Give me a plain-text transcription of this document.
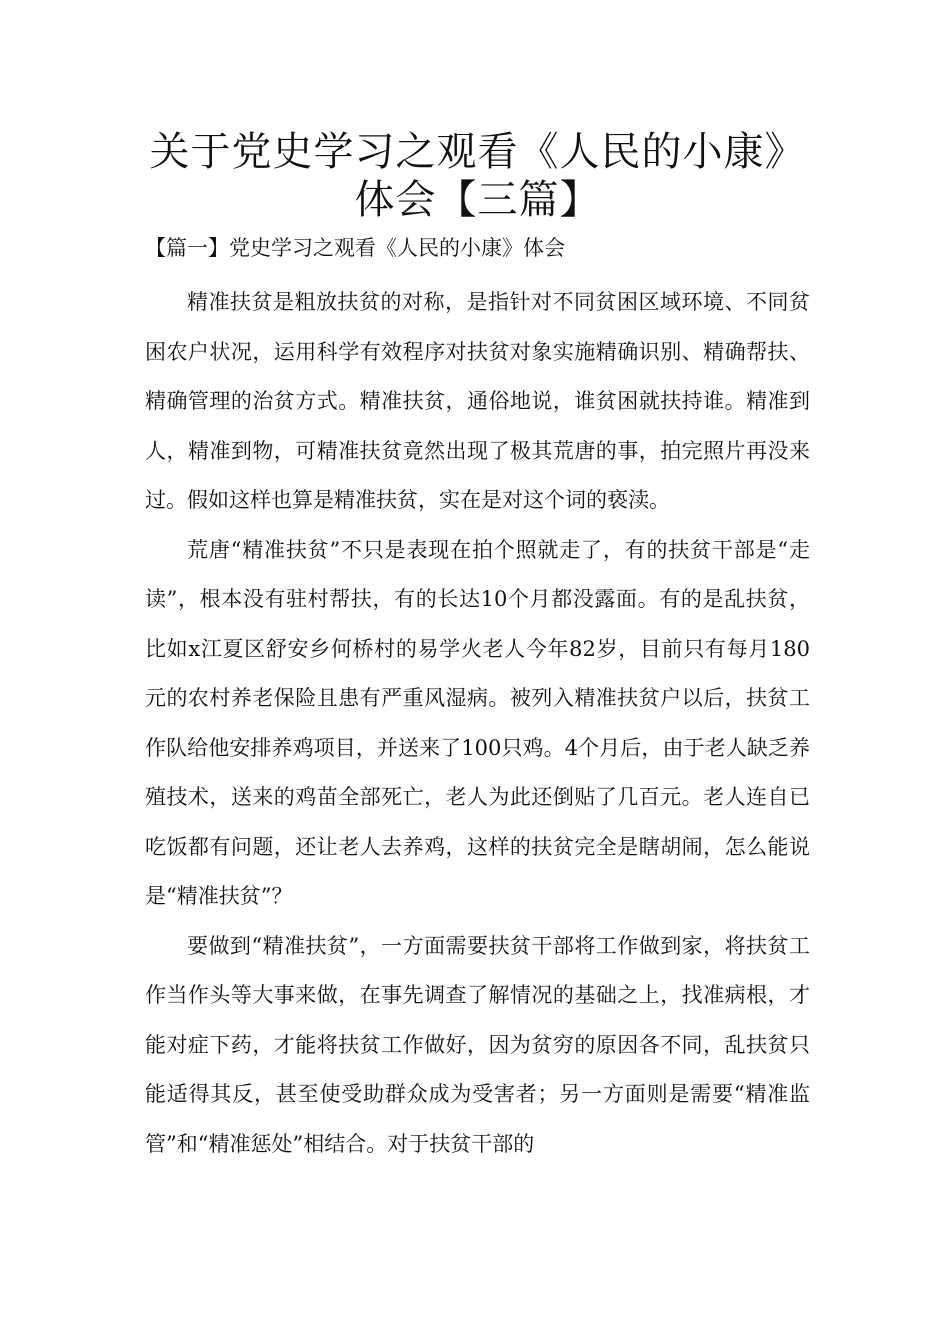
关于党史学习之观看《人民的小康》体会【三篇】
【篇一】党史学习之观看《人民的小康》体会

精准扶贫是粗放扶贫的对称，是指针对不同贫困区域环境、不同贫困农户状况，运用科学有效程序对扶贫对象实施精确识别、精确帮扶、精确管理的治贫方式。精准扶贫，通俗地说，谁贫困就扶持谁。精准到人，精准到物，可精准扶贫竟然出现了极其荒唐的事，拍完照片再没来过。假如这样也算是精准扶贫，实在是对这个词的亵渎。

荒唐“精准扶贫”不只是表现在拍个照就走了，有的扶贫干部是“走读”，根本没有驻村帮扶，有的长达10个月都没露面。有的是乱扶贫，比如x江夏区舒安乡何桥村的易学火老人今年82岁，目前只有每月180元的农村养老保险且患有严重风湿病。被列入精准扶贫户以后，扶贫工作队给他安排养鸡项目，并送来了100只鸡。4个月后，由于老人缺乏养殖技术，送来的鸡苗全部死亡，老人为此还倒贴了几百元。老人连自已吃饭都有问题，还让老人去养鸡，这样的扶贫完全是瞎胡闹，怎么能说是“精准扶贫”？

要做到“精准扶贫”，一方面需要扶贫干部将工作做到家，将扶贫工作当作头等大事来做，在事先调查了解情况的基础之上，找准病根，才能对症下药，才能将扶贫工作做好，因为贫穷的原因各不同，乱扶贫只能适得其反，甚至使受助群众成为受害者；另一方面则是需要“精准监管”和“精准惩处”相结合。对于扶贫干部的
